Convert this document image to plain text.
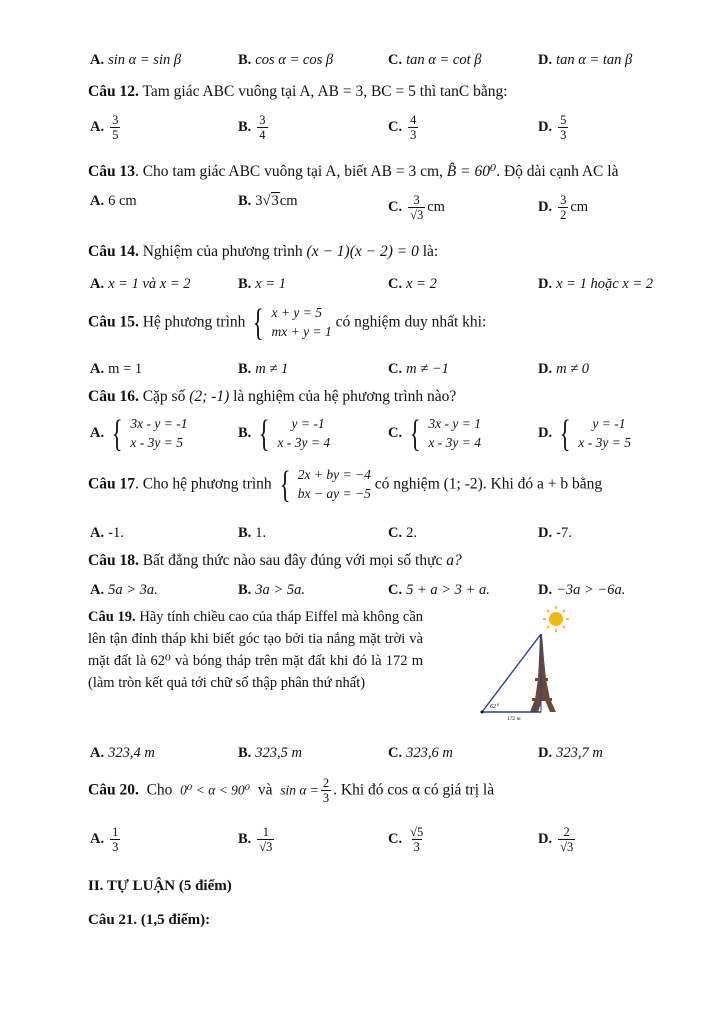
A. sin α = sin β	B. cos α = cos β	C. tan α = cot β	D. tan α = tan β
Câu 12. Tam giác ABC vuông tại A, AB = 3, BC = 5 thì tanC bằng:
A. $\frac{3}{5}$	B. $\frac{3}{4}$	C. $\frac{4}{3}$	D. $\frac{5}{3}$
Câu 13. Cho tam giác ABC vuông tại A, biết AB = 3 cm, B̂ = 60⁰. Độ dài cạnh AC là
A. 6 cm	B. 3√3cm	C. $\frac{3}{√3}$ cm	D. $\frac{3}{2}$ cm
Câu 14. Nghiệm của phương trình (x − 1)(x − 2) = 0 là:
A. x = 1 và x = 2	B. x = 1	C. x = 2	D. x = 1 hoặc x = 2
Câu 15. Hệ phương trình { x + y = 5
mx + y = 1
có nghiệm duy nhất khi:
A. m = 1	B. m ≠ 1	C. m ≠ −1	D. m ≠ 0
Câu 16. Cặp số (2; -1) là nghiệm của hệ phương trình nào?
A. { 3x - y = -1
x - 3y = 5
B. {	y = -1
x - 3y = 4
C. { 3x - y = 1
x - 3y = 4
D. {	y = -1
x - 3y = 5
Câu 17. Cho hệ phương trình { 2x + by = −4
bx − ay = −5
có nghiệm (1; -2). Khi đó a + b bằng
A. -1.	B. 1.	C. 2.	D. -7.
Câu 18. Bất đẳng thức nào sau đây đúng với mọi số thực a?
A. 5a > 3a.	B. 3a > 5a.	C. 5 + a > 3 + a.	D. −3a > −6a.
Câu 19. Hãy tính chiều cao của tháp Eiffel mà không cần lên tận đỉnh tháp khi biết góc tạo bởi tia nắng mặt trời và mặt đất là 62⁰ và bóng tháp trên mặt đất khi đó là 172 m (làm tròn kết quả tới chữ số thập phân thứ nhất)
62⁰
172 m
A. 323,4 m	B. 323,5 m	C. 323,6 m	D. 323,7 m
Câu 20. Cho 0⁰ < α < 90⁰ và $\sin \alpha = \frac{2}{3}$ . Khi đó cos α có giá trị là
A. $\frac{1}{3}$	B. $\frac{1}{√3}$	C. $\frac{√5}{3}$	D. $\frac{2}{√3}$
II. TỰ LUẬN (5 điểm)
Câu 21. (1,5 điểm):
